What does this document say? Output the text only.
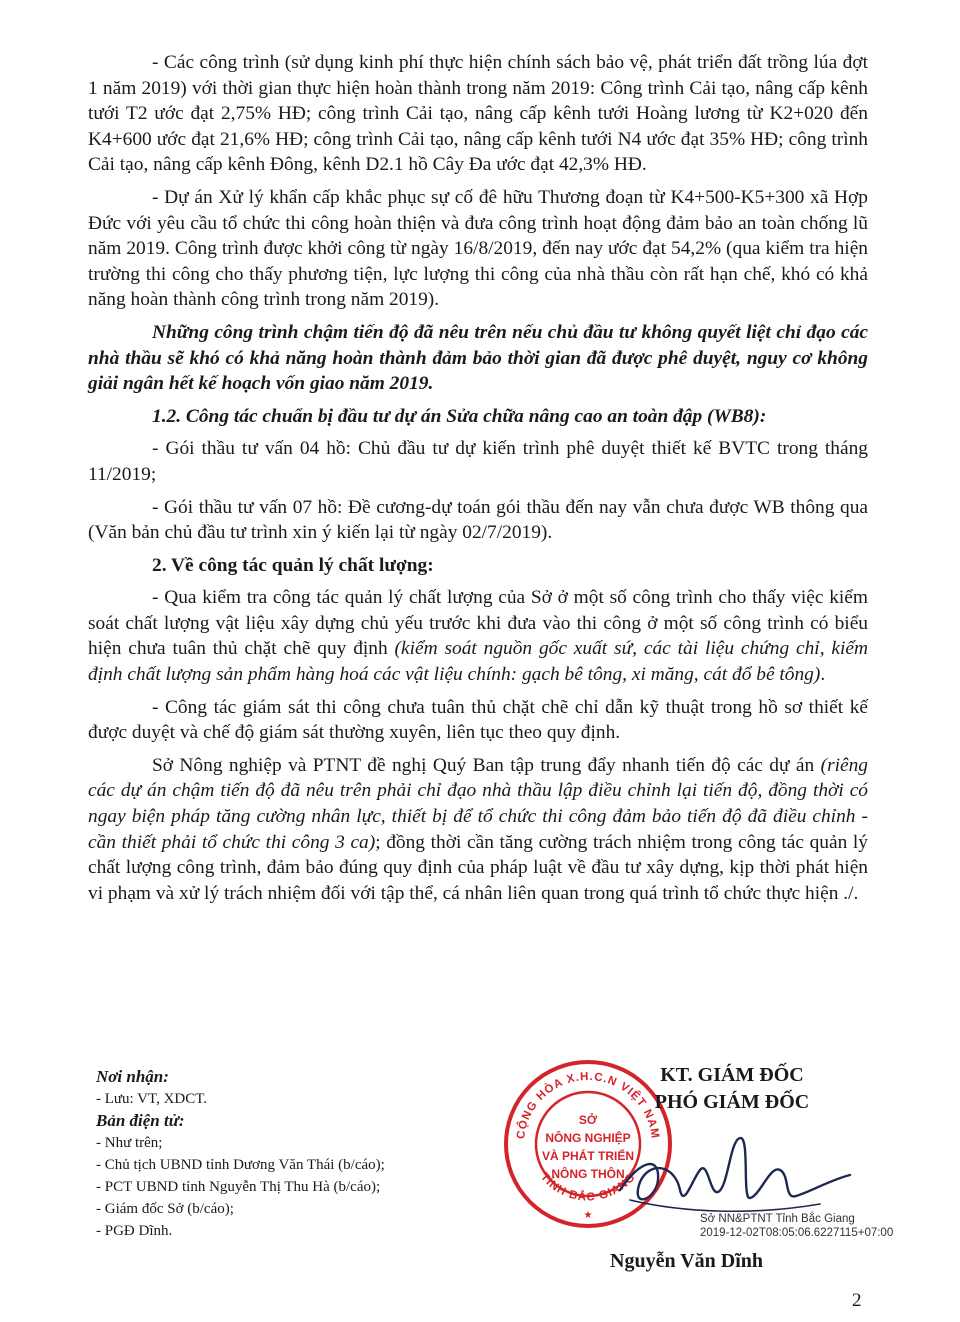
- Các công trình (sử dụng kinh phí thực hiện chính sách bảo vệ, phát triển đất trồng lúa đợt 1 năm 2019) với thời gian thực hiện hoàn thành trong năm 2019: Công trình Cải tạo, nâng cấp kênh tưới T2 ước đạt 2,75% HĐ; công trình Cải tạo, nâng cấp kênh tưới Hoàng lương từ K2+020 đến K4+600 ước đạt 21,6% HĐ; công trình Cải tạo, nâng cấp kênh tưới N4 ước đạt 35% HĐ; công trình Cải tạo, nâng cấp kênh Đông, kênh D2.1 hồ Cây Đa ước đạt 42,3% HĐ.

- Dự án Xử lý khẩn cấp khắc phục sự cố đê hữu Thương đoạn từ K4+500-K5+300 xã Hợp Đức với yêu cầu tổ chức thi công hoàn thiện và đưa công trình hoạt động đảm bảo an toàn chống lũ năm 2019. Công trình được khởi công từ ngày 16/8/2019, đến nay ước đạt 54,2% (qua kiểm tra hiện trường thi công cho thấy phương tiện, lực lượng thi công của nhà thầu còn rất hạn chế, khó có khả năng hoàn thành công trình trong năm 2019).

Những công trình chậm tiến độ đã nêu trên nếu chủ đầu tư không quyết liệt chỉ đạo các nhà thầu sẽ khó có khả năng hoàn thành đảm bảo thời gian đã được phê duyệt, nguy cơ không giải ngân hết kế hoạch vốn giao năm 2019.

1.2. Công tác chuẩn bị đầu tư dự án Sửa chữa nâng cao an toàn đập (WB8):

- Gói thầu tư vấn 04 hồ: Chủ đầu tư dự kiến trình phê duyệt thiết kế BVTC trong tháng 11/2019;

- Gói thầu tư vấn 07 hồ: Đề cương-dự toán gói thầu đến nay vẫn chưa được WB thông qua (Văn bản chủ đầu tư trình xin ý kiến lại từ ngày 02/7/2019).

2. Về công tác quản lý chất lượng:

- Qua kiểm tra công tác quản lý chất lượng của Sở ở một số công trình cho thấy việc kiểm soát chất lượng vật liệu xây dựng chủ yếu trước khi đưa vào thi công ở một số công trình có biểu hiện chưa tuân thủ chặt chẽ quy định (kiểm soát nguồn gốc xuất sứ, các tài liệu chứng chỉ, kiểm định chất lượng sản phẩm hàng hoá các vật liệu chính: gạch bê tông, xi măng, cát đổ bê tông).

- Công tác giám sát thi công chưa tuân thủ chặt chẽ chỉ dẫn kỹ thuật trong hồ sơ thiết kế được duyệt và chế độ giám sát thường xuyên, liên tục theo quy định.

Sở Nông nghiệp và PTNT đề nghị Quý Ban tập trung đẩy nhanh tiến độ các dự án (riêng các dự án chậm tiến độ đã nêu trên phải chỉ đạo nhà thầu lập điều chỉnh lại tiến độ, đồng thời có ngay biện pháp tăng cường nhân lực, thiết bị để tổ chức thi công đảm bảo tiến độ đã điều chỉnh - cần thiết phải tổ chức thi công 3 ca); đồng thời cần tăng cường trách nhiệm trong công tác quản lý chất lượng công trình, đảm bảo đúng quy định của pháp luật về đầu tư xây dựng, kịp thời phát hiện vi phạm và xử lý trách nhiệm đối với tập thể, cá nhân liên quan trong quá trình tổ chức thực hiện ./.

Nơi nhận:
- Lưu: VT, XDCT.
Bản điện tử:
- Như trên;
- Chủ tịch UBND tỉnh Dương Văn Thái (b/cáo);
- PCT UBND tỉnh Nguyễn Thị Thu Hà (b/cáo);
- Giám đốc Sở (b/cáo);
- PGĐ Dĩnh.
CỘNG HÒA X.H.C.N VIỆT NAM
TỈNH BẮC GIANG
SỞ
NÔNG NGHIỆP
VÀ PHÁT TRIỂN
NÔNG THÔN
★
KT. GIÁM ĐỐC
PHÓ GIÁM ĐỐC
Sở NN&PTNT Tỉnh Bắc Giang
2019-12-02T08:05:06.6227115+07:00
Nguyễn Văn Dĩnh
2
